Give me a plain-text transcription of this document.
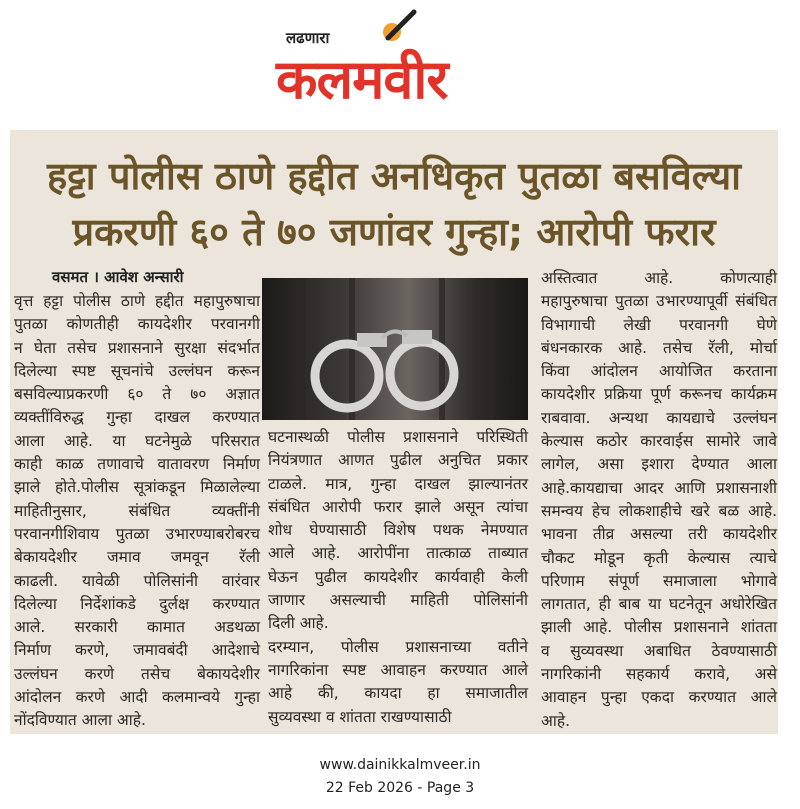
लढणारा
कलमवीर
हट्टा पोलीस ठाणे हद्दीत अनधिकृत पुतळा बसविल्या
प्रकरणी ६० ते ७० जणांवर गुन्हा; आरोपी फरार
वसमत । आवेश अन्सारी
वृत्त हट्टा पोलीस ठाणे हद्दीत महापुरुषाचा
पुतळा कोणतीही कायदेशीर परवानगी
न घेता तसेच प्रशासनाने सुरक्षा संदर्भात
दिलेल्या स्पष्ट सूचनांचे उल्लंघन करून
बसविल्याप्रकरणी ६० ते ७० अज्ञात
व्यक्तींविरुद्ध गुन्हा दाखल करण्यात
आला आहे. या घटनेमुळे परिसरात
काही काळ तणावाचे वातावरण निर्माण
झाले होते.पोलीस सूत्रांकडून मिळालेल्या
माहितीनुसार, संबंधित व्यक्तींनी
परवानगीशिवाय पुतळा उभारण्याबरोबरच
बेकायदेशीर जमाव जमवून रॅली
काढली. यावेळी पोलिसांनी वारंवार
दिलेल्या निर्देशांकडे दुर्लक्ष करण्यात
आले. सरकारी कामात अडथळा
निर्माण करणे, जमावबंदी आदेशाचे
उल्लंघन करणे तसेच बेकायदेशीर
आंदोलन करणे आदी कलमान्वये गुन्हा
नोंदविण्यात आला आहे.
घटनास्थळी पोलीस प्रशासनाने परिस्थिती
नियंत्रणात आणत पुढील अनुचित प्रकार
टाळले. मात्र, गुन्हा दाखल झाल्यानंतर
संबंधित आरोपी फरार झाले असून त्यांचा
शोध घेण्यासाठी विशेष पथक नेमण्यात
आले आहे. आरोपींना तात्काळ ताब्यात
घेऊन पुढील कायदेशीर कार्यवाही केली
जाणार असल्याची माहिती पोलिसांनी
दिली आहे.
दरम्यान, पोलीस प्रशासनाच्या वतीने
नागरिकांना स्पष्ट आवाहन करण्यात आले
आहे की, कायदा हा समाजातील
सुव्यवस्था व शांतता राखण्यासाठी
अस्तित्वात आहे. कोणत्याही
महापुरुषाचा पुतळा उभारण्यापूर्वी संबंधित
विभागाची लेखी परवानगी घेणे
बंधनकारक आहे. तसेच रॅली, मोर्चा
किंवा आंदोलन आयोजित करताना
कायदेशीर प्रक्रिया पूर्ण करूनच कार्यक्रम
राबवावा. अन्यथा कायद्याचे उल्लंघन
केल्यास कठोर कारवाईस सामोरे जावे
लागेल, असा इशारा देण्यात आला
आहे.कायद्याचा आदर आणि प्रशासनाशी
समन्वय हेच लोकशाहीचे खरे बळ आहे.
भावना तीव्र असल्या तरी कायदेशीर
चौकट मोडून कृती केल्यास त्याचे
परिणाम संपूर्ण समाजाला भोगावे
लागतात, ही बाब या घटनेतून अधोरेखित
झाली आहे. पोलीस प्रशासनाने शांतता
व सुव्यवस्था अबाधित ठेवण्यासाठी
नागरिकांनी सहकार्य करावे, असे
आवाहन पुन्हा एकदा करण्यात आले
आहे.
www.dainikkalmveer.in
22 Feb 2026 - Page 3
